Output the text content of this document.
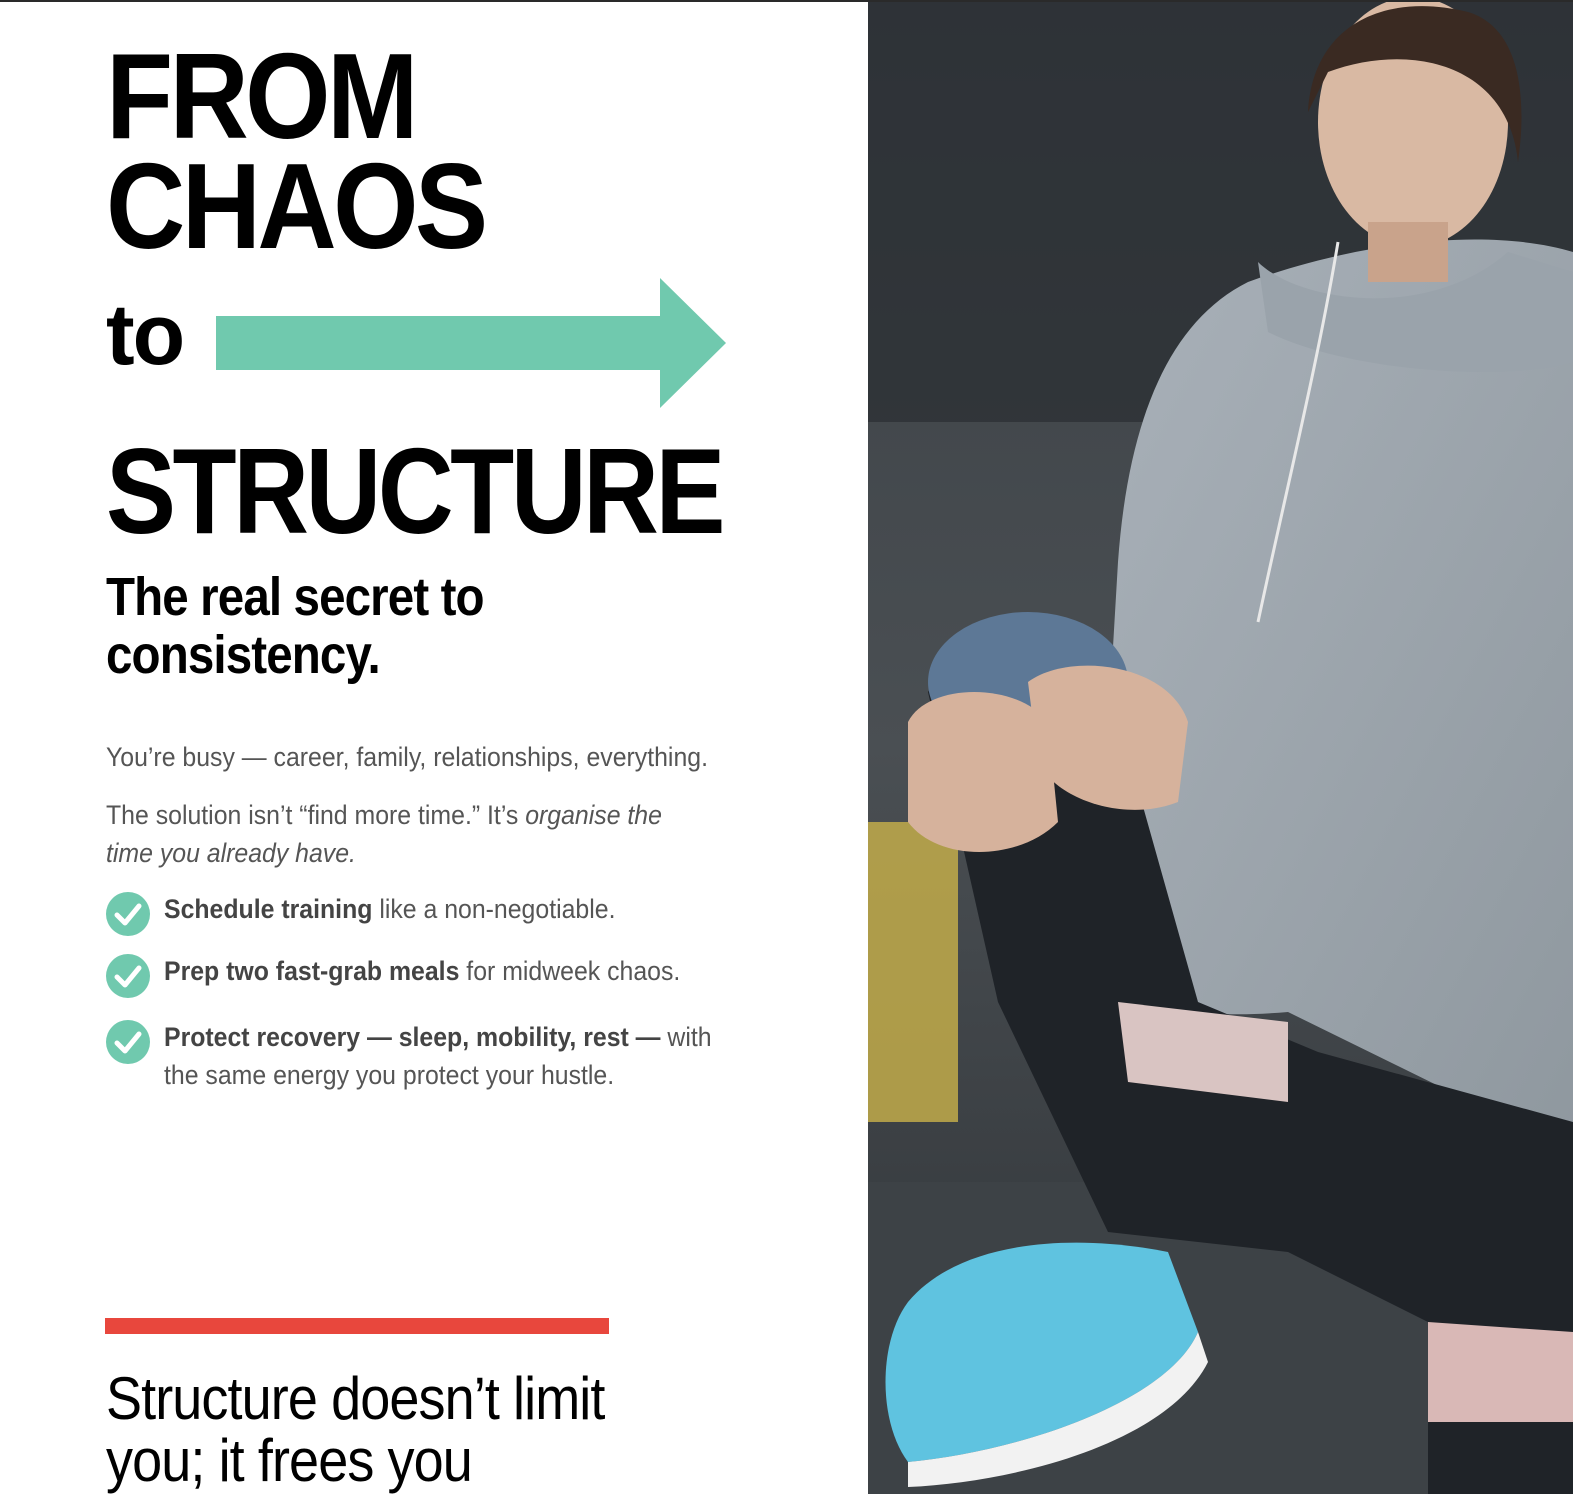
FROM
CHAOS
to
STRUCTURE
The real secret to consistency.

You’re busy — career, family, relationships, everything.

The solution isn’t “find more time.” It’s organise the time you already have.

Schedule training like a non-negotiable.
Prep two fast-grab meals for midweek chaos.
Protect recovery — sleep, mobility, rest — with the same energy you protect your hustle.
Structure doesn’t limit you; it frees you
